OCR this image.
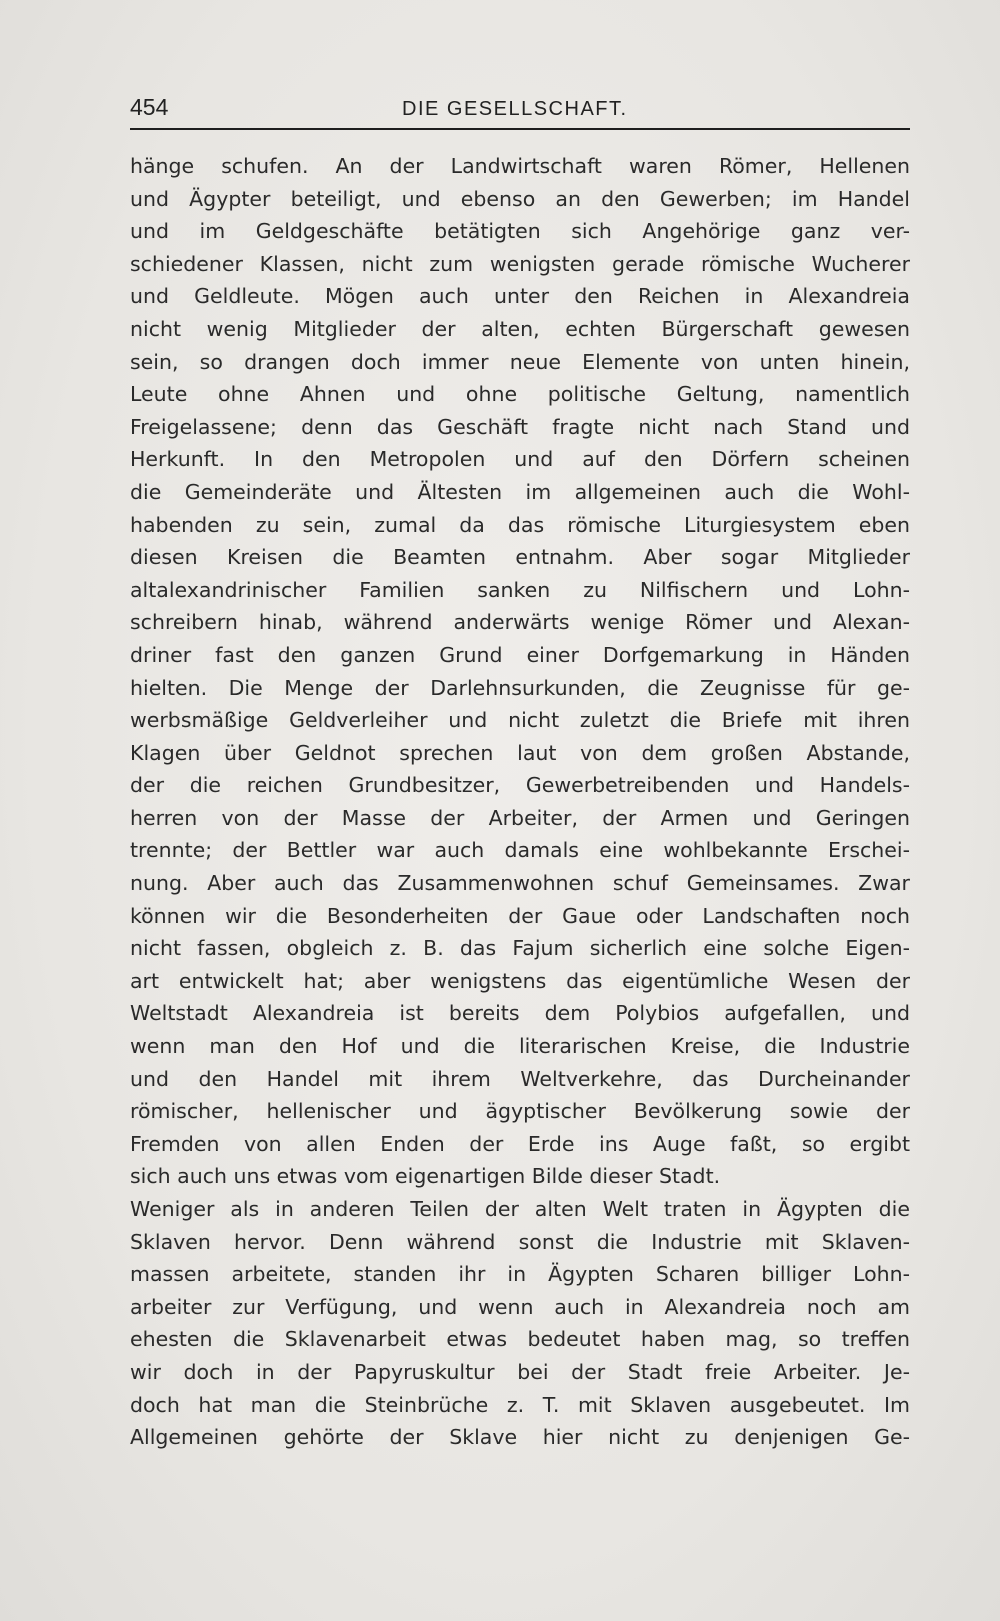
454	DIE GESELLSCHAFT.
hänge schufen. An der Landwirtschaft waren Römer, Hellenen
und Ägypter beteiligt, und ebenso an den Gewerben; im Handel
und im Geldgeschäfte betätigten sich Angehörige ganz ver-
schiedener Klassen, nicht zum wenigsten gerade römische Wucherer
und Geldleute. Mögen auch unter den Reichen in Alexandreia
nicht wenig Mitglieder der alten, echten Bürgerschaft gewesen
sein, so drangen doch immer neue Elemente von unten hinein,
Leute ohne Ahnen und ohne politische Geltung, namentlich
Freigelassene; denn das Geschäft fragte nicht nach Stand und
Herkunft. In den Metropolen und auf den Dörfern scheinen
die Gemeinderäte und Ältesten im allgemeinen auch die Wohl-
habenden zu sein, zumal da das römische Liturgiesystem eben
diesen Kreisen die Beamten entnahm. Aber sogar Mitglieder
altalexandrinischer Familien sanken zu Nilfischern und Lohn-
schreibern hinab, während anderwärts wenige Römer und Alexan-
driner fast den ganzen Grund einer Dorfgemarkung in Händen
hielten. Die Menge der Darlehnsurkunden, die Zeugnisse für ge-
werbsmäßige Geldverleiher und nicht zuletzt die Briefe mit ihren
Klagen über Geldnot sprechen laut von dem großen Abstande,
der die reichen Grundbesitzer, Gewerbetreibenden und Handels-
herren von der Masse der Arbeiter, der Armen und Geringen
trennte; der Bettler war auch damals eine wohlbekannte Erschei-
nung. Aber auch das Zusammenwohnen schuf Gemeinsames. Zwar
können wir die Besonderheiten der Gaue oder Landschaften noch
nicht fassen, obgleich z. B. das Fajum sicherlich eine solche Eigen-
art entwickelt hat; aber wenigstens das eigentümliche Wesen der
Weltstadt Alexandreia ist bereits dem Polybios aufgefallen, und
wenn man den Hof und die literarischen Kreise, die Industrie
und den Handel mit ihrem Weltverkehre, das Durcheinander
römischer, hellenischer und ägyptischer Bevölkerung sowie der
Fremden von allen Enden der Erde ins Auge faßt, so ergibt
sich auch uns etwas vom eigenartigen Bilde dieser Stadt.
Weniger als in anderen Teilen der alten Welt traten in Ägypten die
Sklaven hervor. Denn während sonst die Industrie mit Sklaven-
massen arbeitete, standen ihr in Ägypten Scharen billiger Lohn-
arbeiter zur Verfügung, und wenn auch in Alexandreia noch am
ehesten die Sklavenarbeit etwas bedeutet haben mag, so treffen
wir doch in der Papyruskultur bei der Stadt freie Arbeiter. Je-
doch hat man die Steinbrüche z. T. mit Sklaven ausgebeutet. Im
Allgemeinen gehörte der Sklave hier nicht zu denjenigen Ge-
